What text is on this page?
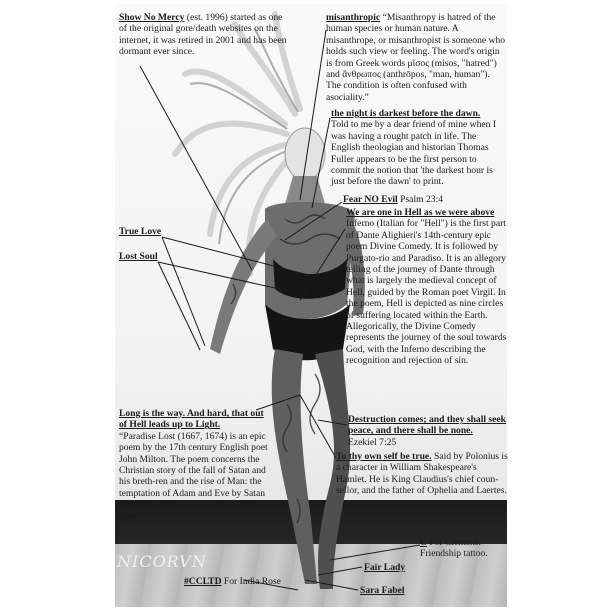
NICORVN
Show No Mercy (est. 1996) started as one of the original gore/death websites on the internet, it was retired in 2001 and has been dormant ever since.
misanthropic “Misanthropy is hatred of the human species or human nature. A misanthrope, or misanthropist is someone who holds such view or feeling. The word's origin is from Greek words μῖσος (misos, "hatred") and ἄνθρωπος (anthrōpos, "man, human"). The condition is often confused with asociality.”
the night is darkest before the dawn.
Told to me by a dear friend of mine when I was having a rought patch in life. The English theologian and historian Thomas Fuller appears to be the first person to commit the notion that 'the darkest hour is just before the dawn' to print.
Fear NO Evil Psalm 23:4
We are one in Hell as we were above Inferno (Italian for "Hell") is the first part of Dante Alighieri's 14th-century epic poem Divine Comedy. It is followed by Purgato-rio and Paradiso. It is an allegory telling of the journey of Dante through what is largely the medieval concept of Hell, guided by the Roman poet Virgil. In the poem, Hell is depicted as nine circles of suffering located within the Earth. Allegorically, the Divine Comedy represents the journey of the soul towards God, with the Inferno describing the recognition and rejection of sin.
True Love
Lost Soul
Long is the way. And hard, that out of Hell leads up to Light.
“Paradise Lost (1667, 1674) is an epic poem by the 17th century English poet John Milton. The poem concerns the Christian story of the fall of Satan and his breth-ren and the rise of Man: the temptation of Adam and Eve by Satan and their expulsion from the Garden of Eden.”
Destruction comes; and they shall seek peace, and there shall be none.
Ezekiel 7:25
To thy own self be true. Said by Polonius is a character in William Shakespeare's Hamlet. He is King Claudius's chief coun-sellor, and the father of Ophelia and Laertes.
C For Clemens. Friendship tattoo.
Fair Lady
#CCLTD For India Rose
Sara Fabel
